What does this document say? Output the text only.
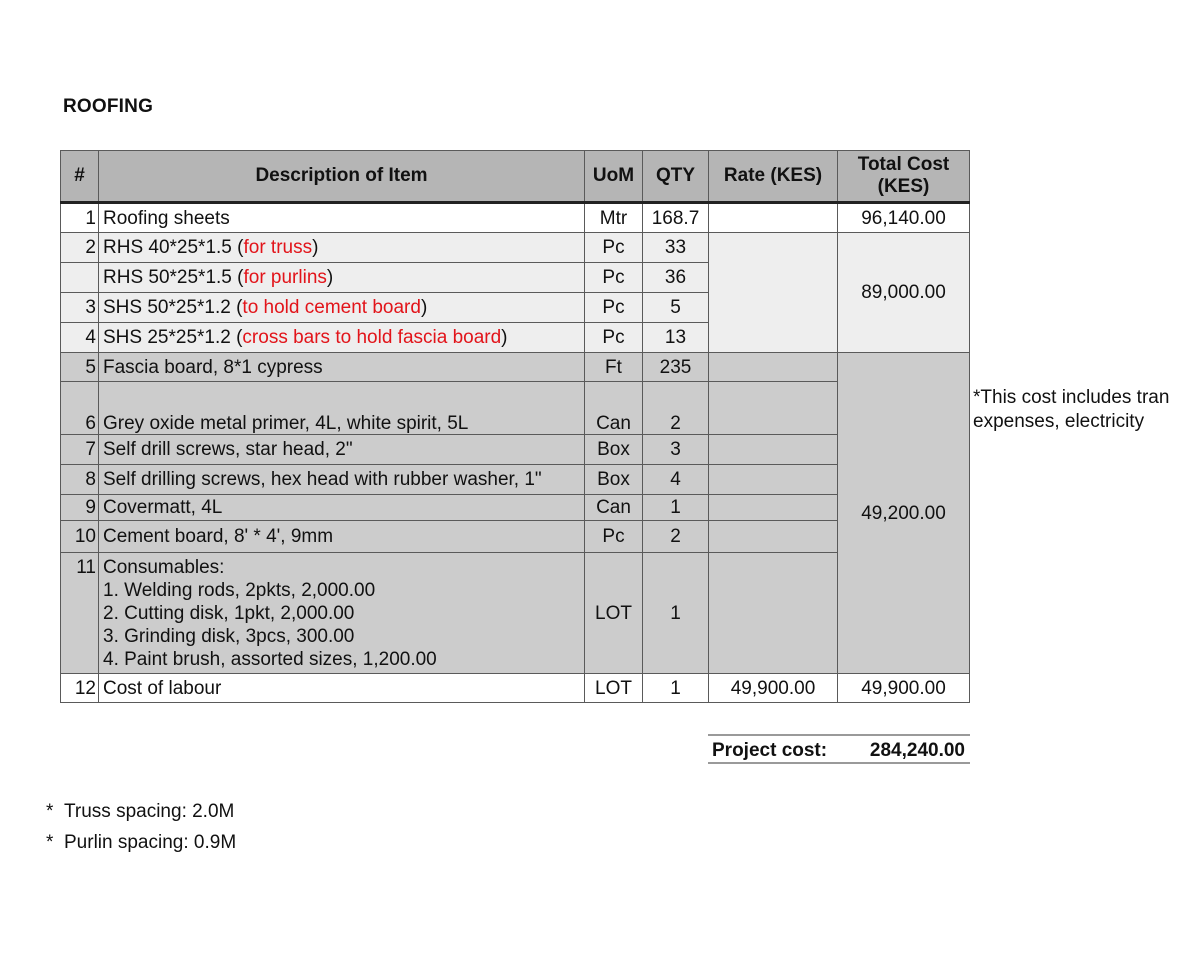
ROOFING
#	Description of Item	UoM	QTY	Rate (KES)	Total Cost
(KES)
1	Roofing sheets	Mtr	168.7		96,140.00
2	RHS 40*25*1.5 (for truss)	Pc	33		89,000.00
	RHS 50*25*1.5 (for purlins)	Pc	36		
3	SHS 50*25*1.2 (to hold cement board)	Pc	5		
4	SHS 25*25*1.2 (cross bars to hold fascia board)	Pc	13		
5	Fascia board, 8*1 cypress	Ft	235		49,200.00
6	Grey oxide metal primer, 4L, white spirit, 5L	Can	2		
7	Self drill screws, star head, 2"	Box	3		
8	Self drilling screws, hex head with rubber washer, 1"	Box	4		
9	Covermatt, 4L	Can	1		
10	Cement board, 8' * 4', 9mm	Pc	2		
11	Consumables:
1. Welding rods, 2pkts, 2,000.00
2. Cutting disk, 1pkt, 2,000.00
3. Grinding disk, 3pcs, 300.00
4. Paint brush, assorted sizes, 1,200.00	LOT	1		
12	Cost of labour	LOT	1	49,900.00	49,900.00
*This cost includes tran
expenses, electricity
Project cost: 284,240.00
* Truss spacing: 2.0M
* Purlin spacing: 0.9M
